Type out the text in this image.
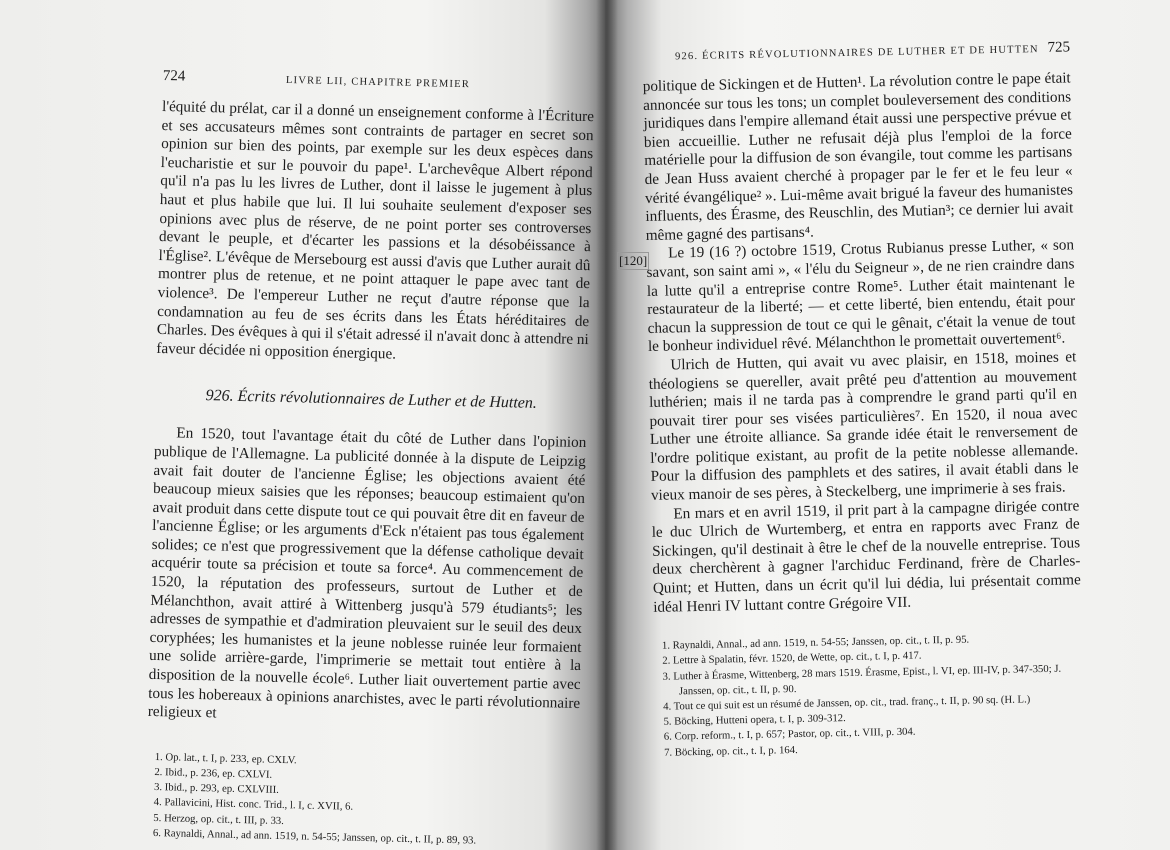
724	LIVRE LII, CHAPITRE PREMIER

l'équité du prélat, car il a donné un enseignement conforme à l'Écriture et ses accusateurs mêmes sont contraints de partager en secret son opinion sur bien des points, par exemple sur les deux espèces dans l'eucharistie et sur le pouvoir du pape¹. L'archevêque Albert répond qu'il n'a pas lu les livres de Luther, dont il laisse le jugement à plus haut et plus habile que lui. Il lui souhaite seulement d'exposer ses opinions avec plus de réserve, de ne point porter ses controverses devant le peuple, et d'écarter les passions et la désobéissance à l'Église². L'évêque de Mersebourg est aussi d'avis que Luther aurait dû montrer plus de retenue, et ne point attaquer le pape avec tant de violence³. De l'empereur Luther ne reçut d'autre réponse que la condamnation au feu de ses écrits dans les États héréditaires de Charles. Des évêques à qui il s'était adressé il n'avait donc à attendre ni faveur décidée ni opposition énergique.

926. Écrits révolutionnaires de Luther et de Hutten.

En 1520, tout l'avantage était du côté de Luther dans l'opinion publique de l'Allemagne. La publicité donnée à la dispute de Leipzig avait fait douter de l'ancienne Église; les objections avaient été beaucoup mieux saisies que les réponses; beaucoup estimaient qu'on avait produit dans cette dispute tout ce qui pouvait être dit en faveur de l'ancienne Église; or les arguments d'Eck n'étaient pas tous également solides; ce n'est que progressivement que la défense catholique devait acquérir toute sa précision et toute sa force⁴. Au commencement de 1520, la réputation des professeurs, surtout de Luther et de Mélanchthon, avait attiré à Wittenberg jusqu'à 579 étudiants⁵; les adresses de sympathie et d'admiration pleuvaient sur le seuil des deux coryphées; les humanistes et la jeune noblesse ruinée leur formaient une solide arrière-garde, l'imprimerie se mettait tout entière à la disposition de la nouvelle école⁶. Luther liait ouvertement partie avec tous les hobereaux à opinions anarchistes, avec le parti révolutionnaire religieux et

1. Op. lat., t. I, p. 233, ep. CXLV.

2. Ibid., p. 236, ep. CXLVI.

3. Ibid., p. 293, ep. CXLVIII.

4. Pallavicini, Hist. conc. Trid., l. I, c. XVII, 6.

5. Herzog, op. cit., t. III, p. 33.

6. Raynaldi, Annal., ad ann. 1519, n. 54-55; Janssen, op. cit., t. II, p. 89, 93.

[120]
926. ÉCRITS RÉVOLUTIONNAIRES DE LUTHER ET DE HUTTEN 725

politique de Sickingen et de Hutten¹. La révolution contre le pape était annoncée sur tous les tons; un complet bouleversement des conditions juridiques dans l'empire allemand était aussi une perspective prévue et bien accueillie. Luther ne refusait déjà plus l'emploi de la force matérielle pour la diffusion de son évangile, tout comme les partisans de Jean Huss avaient cherché à propager par le fer et le feu leur « vérité évangélique² ». Lui-même avait brigué la faveur des humanistes influents, des Érasme, des Reuschlin, des Mutian³; ce dernier lui avait même gagné des partisans⁴.

Le 19 (16 ?) octobre 1519, Crotus Rubianus presse Luther, « son savant, son saint ami », « l'élu du Seigneur », de ne rien craindre dans la lutte qu'il a entreprise contre Rome⁵. Luther était maintenant le restaurateur de la liberté; — et cette liberté, bien entendu, était pour chacun la suppression de tout ce qui le gênait, c'était la venue de tout le bonheur individuel rêvé. Mélanchthon le promettait ouvertement⁶.

Ulrich de Hutten, qui avait vu avec plaisir, en 1518, moines et théologiens se quereller, avait prêté peu d'attention au mouvement luthérien; mais il ne tarda pas à comprendre le grand parti qu'il en pouvait tirer pour ses visées particulières⁷. En 1520, il noua avec Luther une étroite alliance. Sa grande idée était le renversement de l'ordre politique existant, au profit de la petite noblesse allemande. Pour la diffusion des pamphlets et des satires, il avait établi dans le vieux manoir de ses pères, à Steckelberg, une imprimerie à ses frais.

En mars et en avril 1519, il prit part à la campagne dirigée contre le duc Ulrich de Wurtemberg, et entra en rapports avec Franz de Sickingen, qu'il destinait à être le chef de la nouvelle entreprise. Tous deux cherchèrent à gagner l'archiduc Ferdinand, frère de Charles-Quint; et Hutten, dans un écrit qu'il lui dédia, lui présentait comme idéal Henri IV luttant contre Grégoire VII.

1. Raynaldi, Annal., ad ann. 1519, n. 54-55; Janssen, op. cit., t. II, p. 95.

2. Lettre à Spalatin, févr. 1520, de Wette, op. cit., t. I, p. 417.

3. Luther à Érasme, Wittenberg, 28 mars 1519. Érasme, Epist., l. VI, ep. III-IV, p. 347-350; J. Janssen, op. cit., t. II, p. 90.

4. Tout ce qui suit est un résumé de Janssen, op. cit., trad. franç., t. II, p. 90 sq. (H. L.)

5. Böcking, Hutteni opera, t. I, p. 309-312.

6. Corp. reform., t. I, p. 657; Pastor, op. cit., t. VIII, p. 304.

7. Böcking, op. cit., t. I, p. 164.
